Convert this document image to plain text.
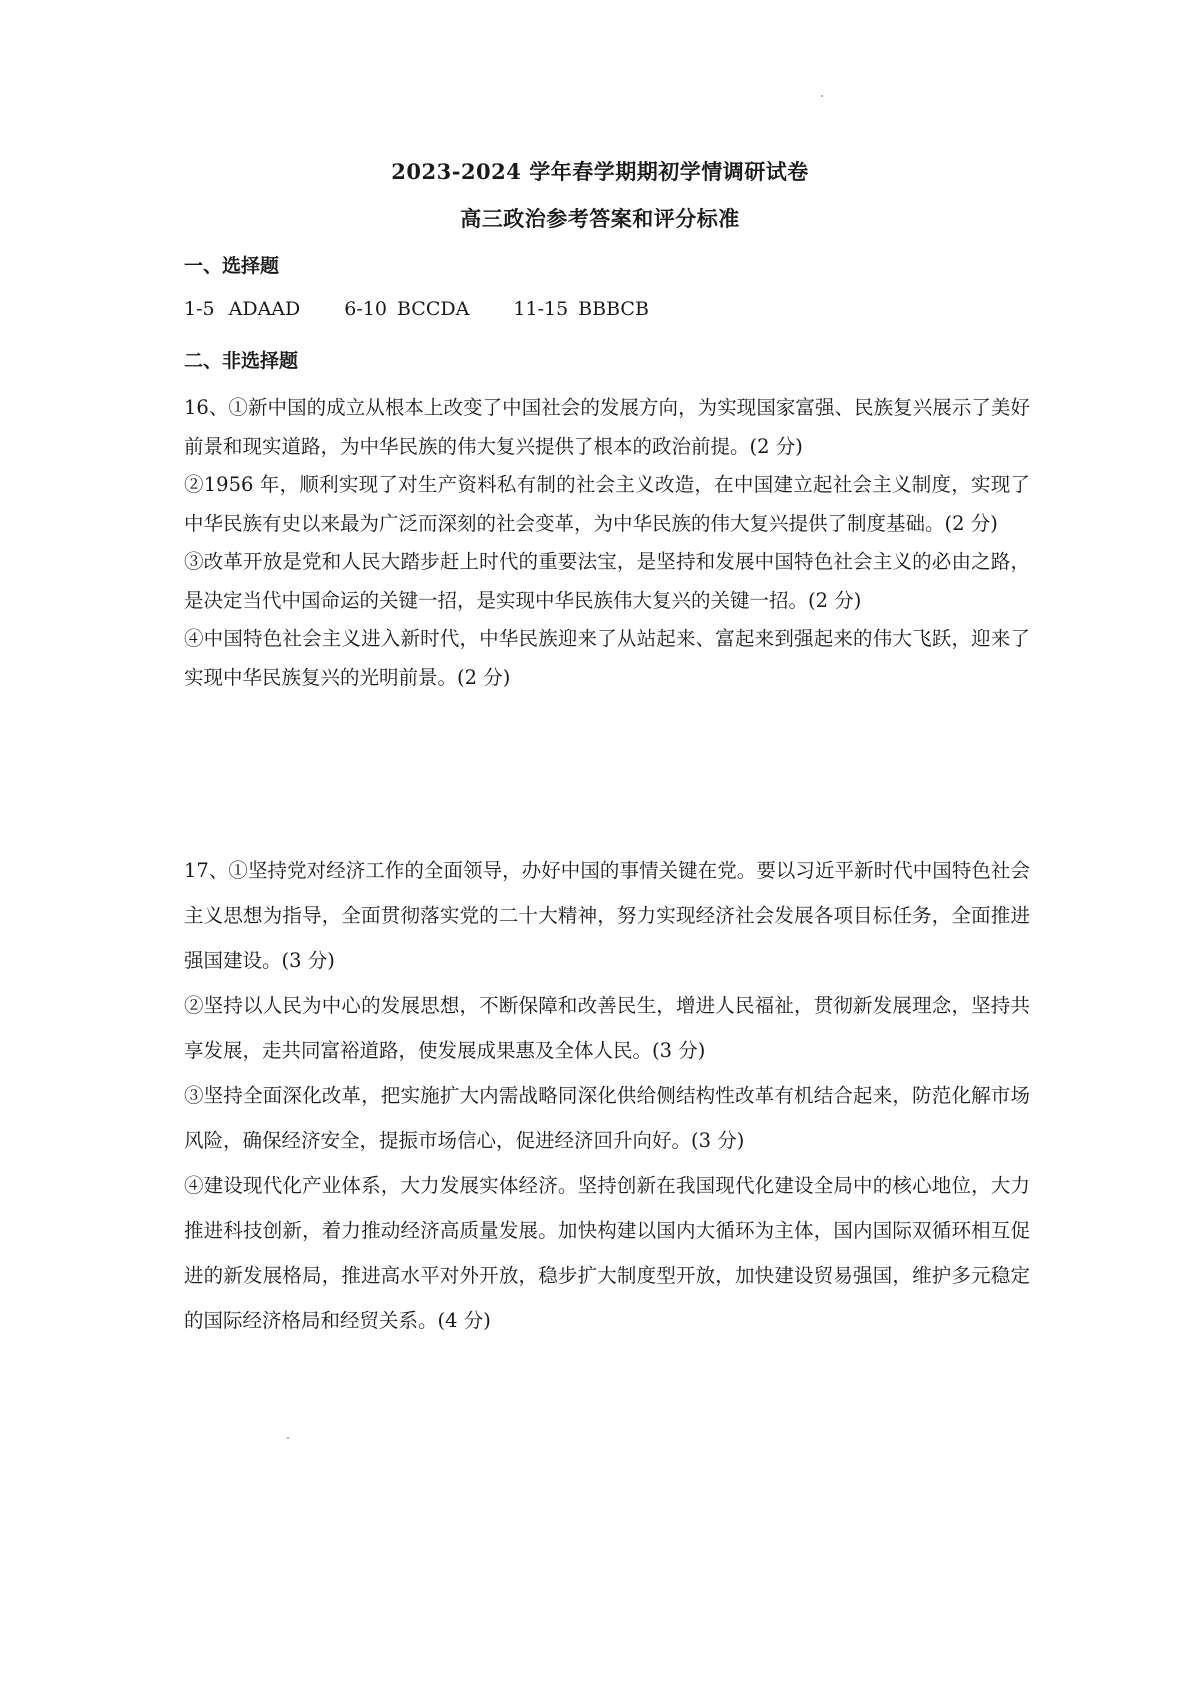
2023-2024 学年春学期期初学情调研试卷
高三政治参考答案和评分标准
一、选择题
1-5 ADAAD 6-10 BCCDA 11-15 BBBCB
二、非选择题

16、①新中国的成立从根本上改变了中国社会的发展方向，为实现国家富强、民族复兴展示了美好前景和现实道路，为中华民族的伟大复兴提供了根本的政治前提。(2 分)

②1956 年，顺利实现了对生产资料私有制的社会主义改造，在中国建立起社会主义制度，实现了中华民族有史以来最为广泛而深刻的社会变革，为中华民族的伟大复兴提供了制度基础。(2 分)

③改革开放是党和人民大踏步赶上时代的重要法宝，是坚持和发展中国特色社会主义的必由之路，是决定当代中国命运的关键一招，是实现中华民族伟大复兴的关键一招。(2 分)

④中国特色社会主义进入新时代，中华民族迎来了从站起来、富起来到强起来的伟大飞跃，迎来了实现中华民族复兴的光明前景。(2 分)

17、①坚持党对经济工作的全面领导，办好中国的事情关键在党。要以习近平新时代中国特色社会主义思想为指导，全面贯彻落实党的二十大精神，努力实现经济社会发展各项目标任务，全面推进强国建设。(3 分)

②坚持以人民为中心的发展思想，不断保障和改善民生，增进人民福祉，贯彻新发展理念，坚持共享发展，走共同富裕道路，使发展成果惠及全体人民。(3 分)

③坚持全面深化改革，把实施扩大内需战略同深化供给侧结构性改革有机结合起来，防范化解市场风险，确保经济安全，提振市场信心，促进经济回升向好。(3 分)

④建设现代化产业体系，大力发展实体经济。坚持创新在我国现代化建设全局中的核心地位，大力推进科技创新，着力推动经济高质量发展。加快构建以国内大循环为主体，国内国际双循环相互促进的新发展格局，推进高水平对外开放，稳步扩大制度型开放，加快建设贸易强国，维护多元稳定的国际经济格局和经贸关系。(4 分)
